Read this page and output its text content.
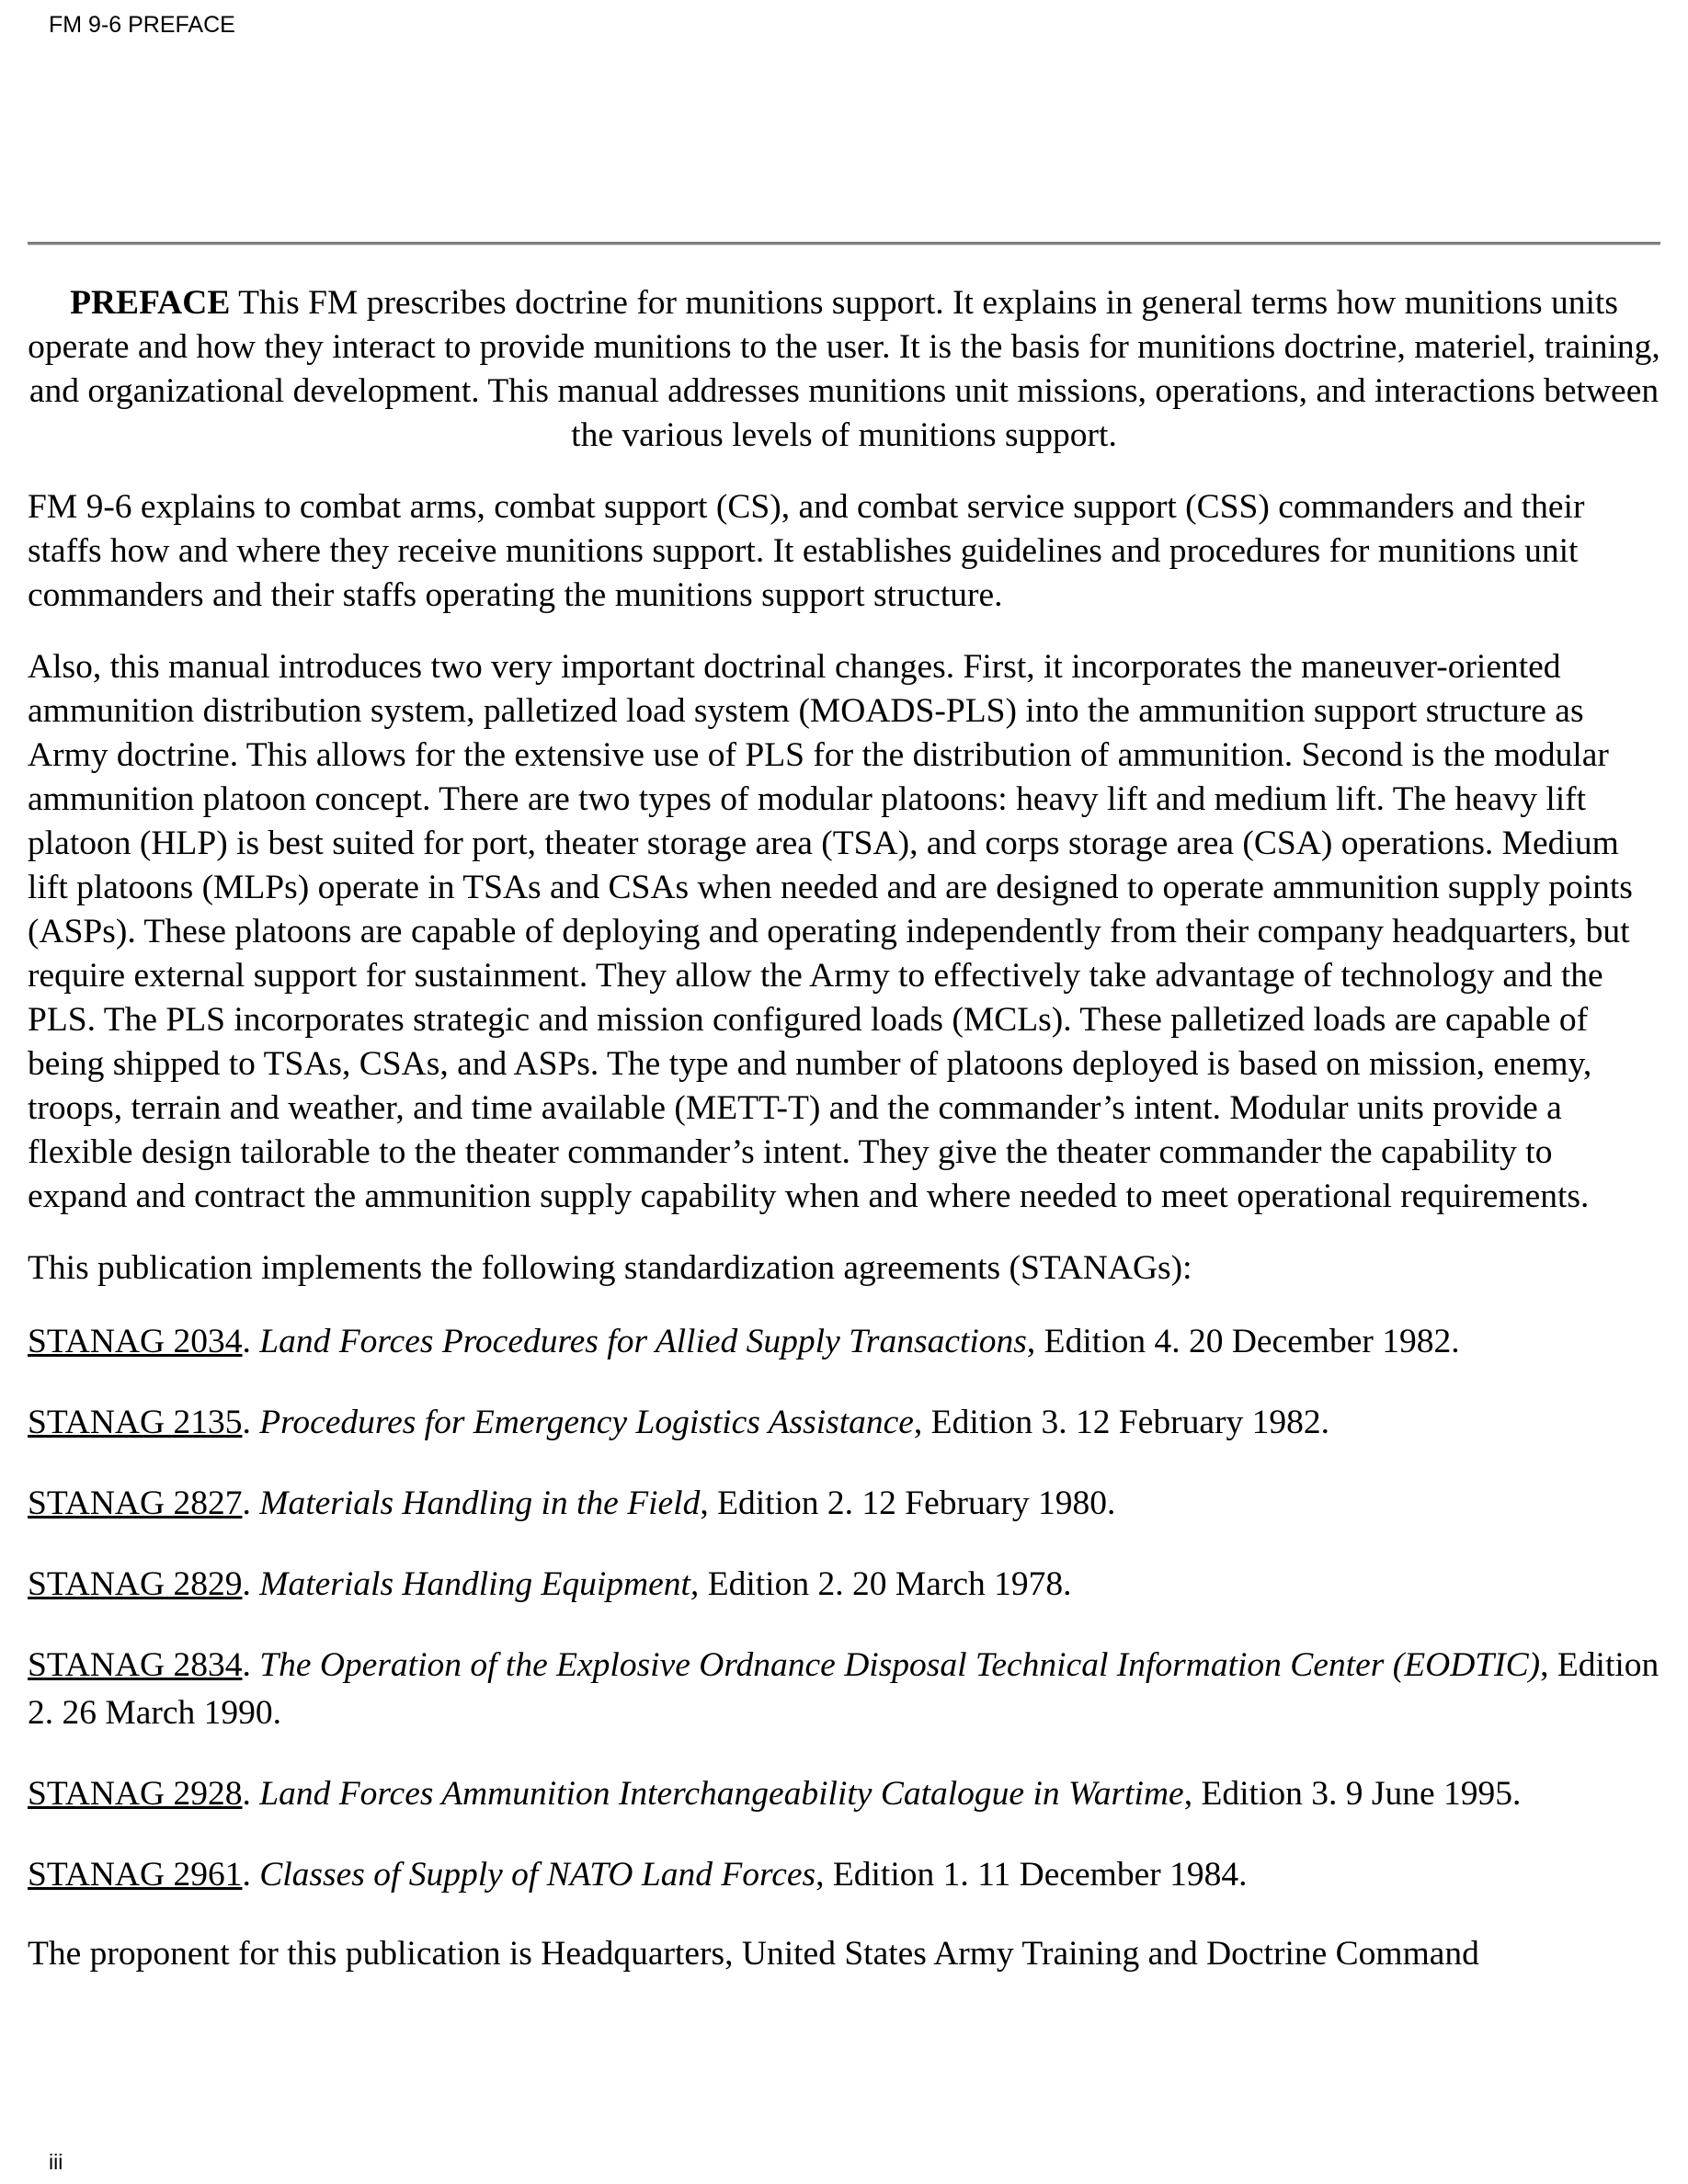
FM 9-6 PREFACE

PREFACE This FM prescribes doctrine for munitions support. It explains in general terms how munitions units operate and how they interact to provide munitions to the user. It is the basis for munitions doctrine, materiel, training, and organizational development. This manual addresses munitions unit missions, operations, and interactions between the various levels of munitions support.

FM 9-6 explains to combat arms, combat support (CS), and combat service support (CSS) commanders and their staffs how and where they receive munitions support. It establishes guidelines and procedures for munitions unit commanders and their staffs operating the munitions support structure.

Also, this manual introduces two very important doctrinal changes. First, it incorporates the maneuver-oriented ammunition distribution system, palletized load system (MOADS-PLS) into the ammunition support structure as Army doctrine. This allows for the extensive use of PLS for the distribution of ammunition. Second is the modular ammunition platoon concept. There are two types of modular platoons: heavy lift and medium lift. The heavy lift platoon (HLP) is best suited for port, theater storage area (TSA), and corps storage area (CSA) operations. Medium lift platoons (MLPs) operate in TSAs and CSAs when needed and are designed to operate ammunition supply points (ASPs). These platoons are capable of deploying and operating independently from their company headquarters, but require external support for sustainment. They allow the Army to effectively take advantage of technology and the PLS. The PLS incorporates strategic and mission configured loads (MCLs). These palletized loads are capable of being shipped to TSAs, CSAs, and ASPs. The type and number of platoons deployed is based on mission, enemy, troops, terrain and weather, and time available (METT-T) and the commander’s intent. Modular units provide a flexible design tailorable to the theater commander’s intent. They give the theater commander the capability to expand and contract the ammunition supply capability when and where needed to meet operational requirements.

This publication implements the following standardization agreements (STANAGs):

STANAG 2034. Land Forces Procedures for Allied Supply Transactions, Edition 4. 20 December 1982.

STANAG 2135. Procedures for Emergency Logistics Assistance, Edition 3. 12 February 1982.

STANAG 2827. Materials Handling in the Field, Edition 2. 12 February 1980.

STANAG 2829. Materials Handling Equipment, Edition 2. 20 March 1978.

STANAG 2834. The Operation of the Explosive Ordnance Disposal Technical Information Center (EODTIC), Edition 2. 26 March 1990.

STANAG 2928. Land Forces Ammunition Interchangeability Catalogue in Wartime, Edition 3. 9 June 1995.

STANAG 2961. Classes of Supply of NATO Land Forces, Edition 1. 11 December 1984.

The proponent for this publication is Headquarters, United States Army Training and Doctrine Command

iii
